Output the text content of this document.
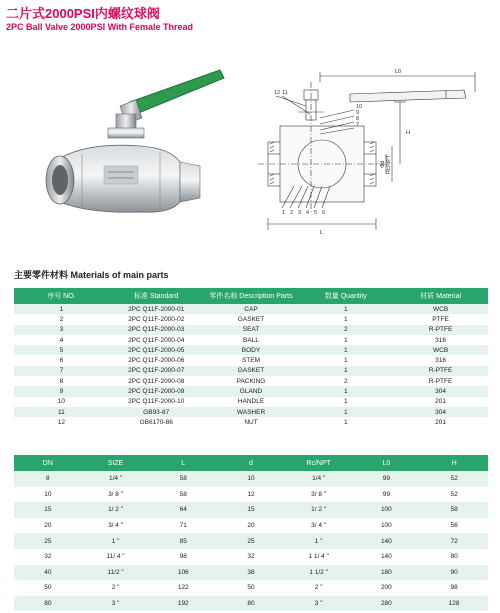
二片式2000PSI内螺纹球阀
2PC Ball Valve 2000PSI With Female Thread
12 11
10
9
8
7
6
5
4
3
2
1
L0
H
L
Rc/NPT
Φd
主要零件材料 Materials of main parts
序号 NO.	标准 Standard	零件名称 Description Parts	数量 Quantity	材质 Material
1	2PC Q11F-2000-01	CAP	1	WCB
2	2PC Q11F-2000-02	GASKET	1	PTFE
3	2PC Q11F-2000-03	SEAT	2	R-PTFE
4	2PC Q11F-2000-04	BALL	1	316
5	2PC Q11F-2000-05	BODY	1	WCB
6	2PC Q11F-2000-06	STEM	1	316
7	2PC Q11F-2000-07	GASKET	1	R-PTFE
8	2PC Q11F-2000-08	PACKING	2	R-PTFE
9	2PC Q11F-2000-09	GLAND	1	304
10	2PC Q11F-2000-10	HANDLE	1	201
11	GB93-87	WASHER	1	304
12	GB6170-86	NUT	1	201
DN	SIZE	L	d	Rc/NPT	L0	H
8	1/4 "	58	10	1/4 "	99	52
10	3/ 8 "	58	12	3/ 8 "	99	52
15	1/ 2 "	64	15	1/ 2 "	100	58
20	3/ 4 "	71	20	3/ 4 "	100	56
25	1 "	85	25	1 "	140	72
32	11/ 4 "	98	32	1 1/ 4 "	140	80
40	11/2 "	106	38	1 1/2 "	180	90
50	2 "	122	50	2 "	200	98
80	3 "	192	80	3 "	280	128
